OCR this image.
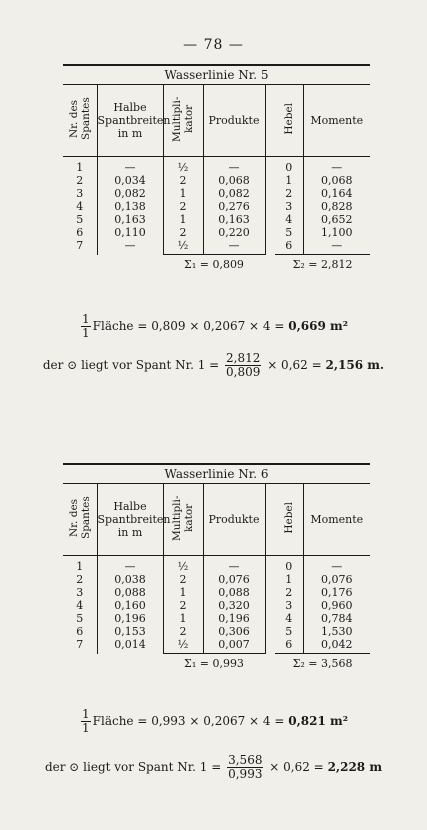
— 78 —
Wasserlinie Nr. 5						
Nr. des Spantes	Halbe
Spantbreiten
in m	Multipli- kator	Produkte		Hebel	Momente
1	—	½	—		0	—
2	0,034	2	0,068		1	0,068
3	0,082	1	0,082		2	0,164
4	0,138	2	0,276		3	0,828
5	0,163	1	0,163		4	0,652
6	0,110	2	0,220		5	1,100
7	—	½	—		6	—
		Σ₁ = 0,809			Σ₂ = 2,812	
$\frac{1}{1}$ Fläche = 0,809 × 0,2067 × 4 = 0,669 m²
der ⊙ liegt vor Spant Nr. $1 = \frac{2,812}{0,809} \times 0,62 = 2,156$ m.
Wasserlinie Nr. 6						
Nr. des Spantes	Halbe
Spantbreiten
in m	Multipli- kator	Produkte		Hebel	Momente
1	—	½	—		0	—
2	0,038	2	0,076		1	0,076
3	0,088	1	0,088		2	0,176
4	0,160	2	0,320		3	0,960
5	0,196	1	0,196		4	0,784
6	0,153	2	0,306		5	1,530
7	0,014	½	0,007		6	0,042
		Σ₁ = 0,993			Σ₂ = 3,568	
$\frac{1}{1}$ Fläche = 0,993 × 0,2067 × 4 = 0,821 m²
der ⊙ liegt vor Spant Nr. $1 = \frac{3,568}{0,993} \times 0,62 = 2,228$ m
